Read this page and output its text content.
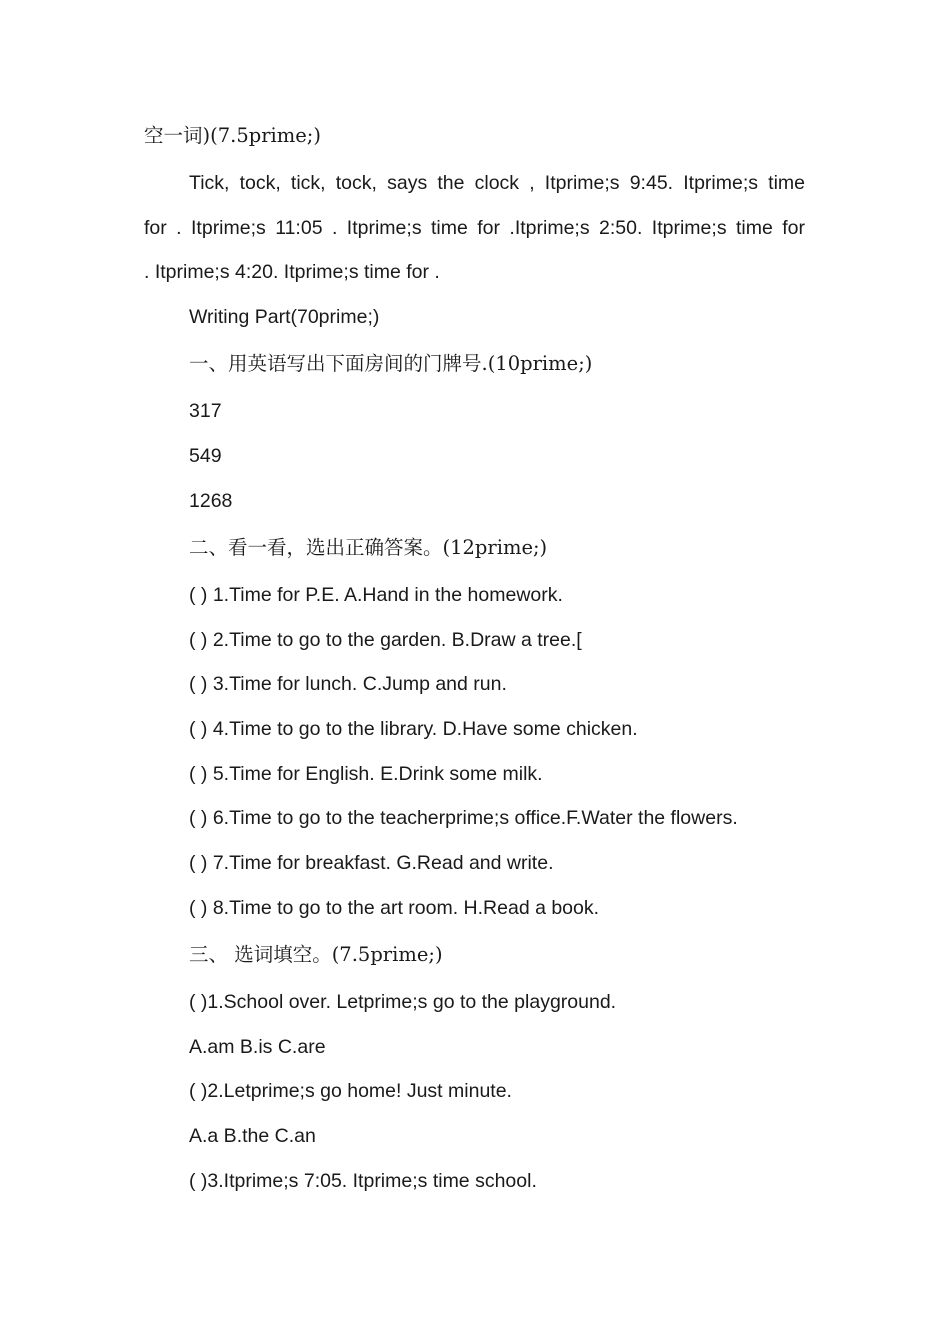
空一词)(7.5prime;)
Tick, tock, tick, tock, says the clock , Itprime;s 9:45. Itprime;s time
for . Itprime;s 11:05 . Itprime;s time for .Itprime;s 2:50. Itprime;s time for
. Itprime;s 4:20. Itprime;s time for .
Writing Part(70prime;)
一、用英语写出下面房间的门牌号.(10prime;)
317
549
1268
二、看一看，选出正确答案。(12prime;)
( ) 1.Time for P.E. A.Hand in the homework.
( ) 2.Time to go to the garden. B.Draw a tree.[
( ) 3.Time for lunch. C.Jump and run.
( ) 4.Time to go to the library. D.Have some chicken.
( ) 5.Time for English. E.Drink some milk.
( ) 6.Time to go to the teacherprime;s office.F.Water the flowers.
( ) 7.Time for breakfast. G.Read and write.
( ) 8.Time to go to the art room. H.Read a book.
三、 选词填空。(7.5prime;)
( )1.School over. Letprime;s go to the playground.
A.am B.is C.are
( )2.Letprime;s go home! Just minute.
A.a B.the C.an
( )3.Itprime;s 7:05. Itprime;s time school.
